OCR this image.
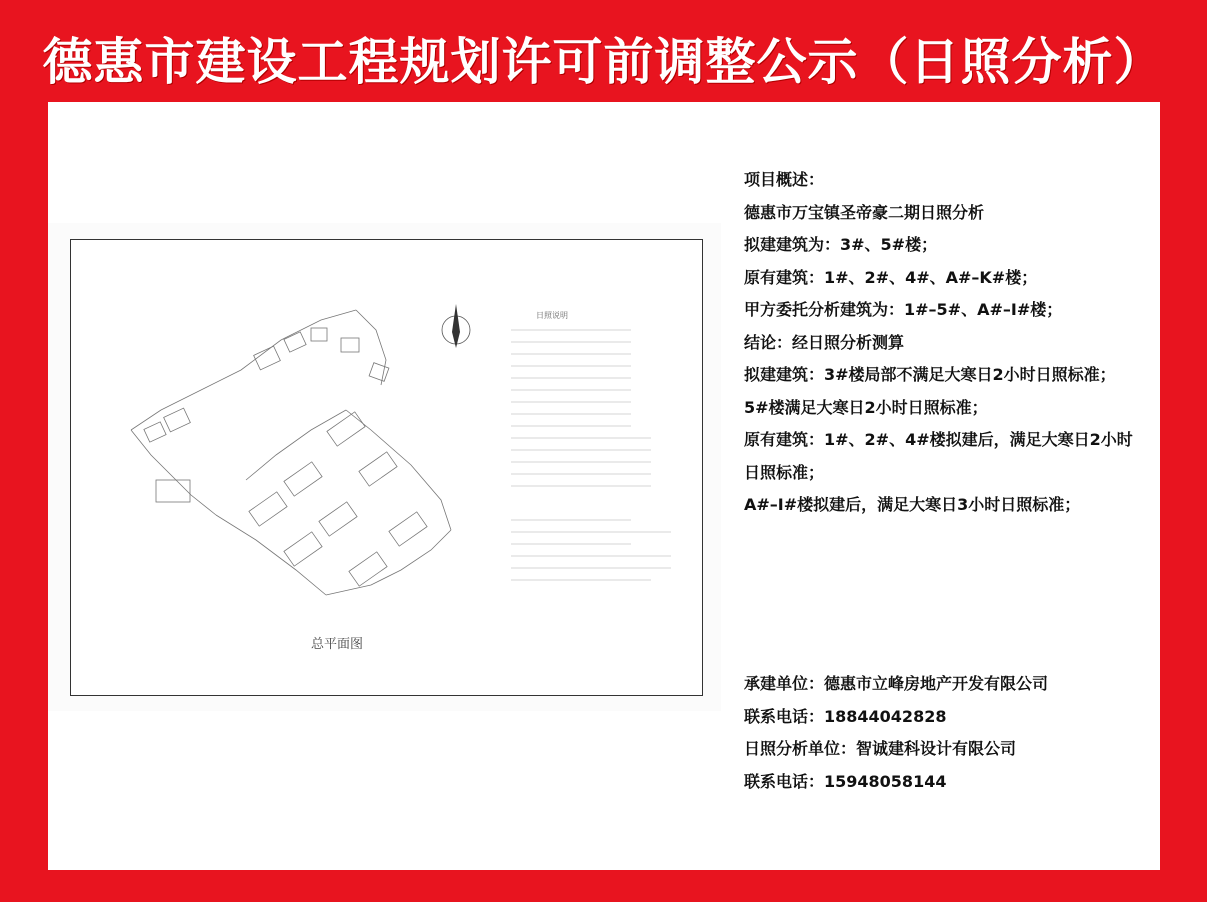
德惠市建设工程规划许可前调整公示（日照分析）
日照说明
总平面图
项目概述：
德惠市万宝镇圣帝豪二期日照分析
拟建建筑为：3#、5#楼；
原有建筑：1#、2#、4#、A#–K#楼；
甲方委托分析建筑为：1#–5#、A#–Ⅰ#楼；
结论：经日照分析测算
拟建建筑：3#楼局部不满足大寒日2小时日照标准；
5#楼满足大寒日2小时日照标准；
原有建筑：1#、2#、4#楼拟建后，满足大寒日2小时日照标准；
A#–Ⅰ#楼拟建后，满足大寒日3小时日照标准；
承建单位：德惠市立峰房地产开发有限公司
联系电话：18844042828
日照分析单位：智诚建科设计有限公司
联系电话：15948058144
